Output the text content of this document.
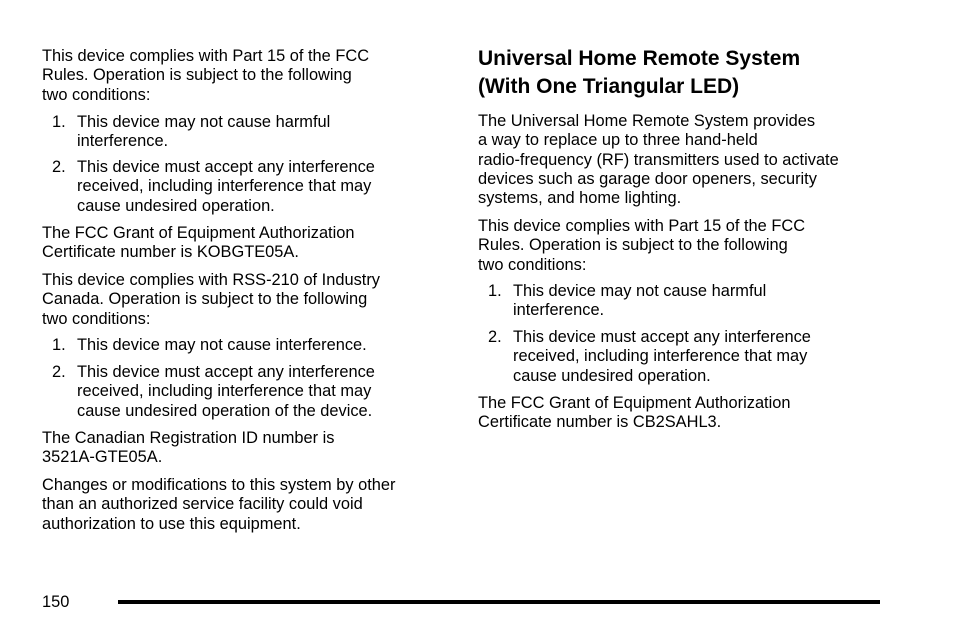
This device complies with Part 15 of the FCC
Rules. Operation is subject to the following
two conditions:

1. This device may not cause harmful
interference.
2. This device must accept any interference
received, including interference that may
cause undesired operation.

The FCC Grant of Equipment Authorization
Certificate number is KOBGTE05A.

This device complies with RSS-210 of Industry
Canada. Operation is subject to the following
two conditions:

1. This device may not cause interference.
2. This device must accept any interference
received, including interference that may
cause undesired operation of the device.

The Canadian Registration ID number is
3521A-GTE05A.

Changes or modifications to this system by other
than an authorized service facility could void
authorization to use this equipment.

Universal Home Remote System
(With One Triangular LED)

The Universal Home Remote System provides
a way to replace up to three hand-held
radio-frequency (RF) transmitters used to activate
devices such as garage door openers, security
systems, and home lighting.

This device complies with Part 15 of the FCC
Rules. Operation is subject to the following
two conditions:

1. This device may not cause harmful
interference.
2. This device must accept any interference
received, including interference that may
cause undesired operation.

The FCC Grant of Equipment Authorization
Certificate number is CB2SAHL3.

150
